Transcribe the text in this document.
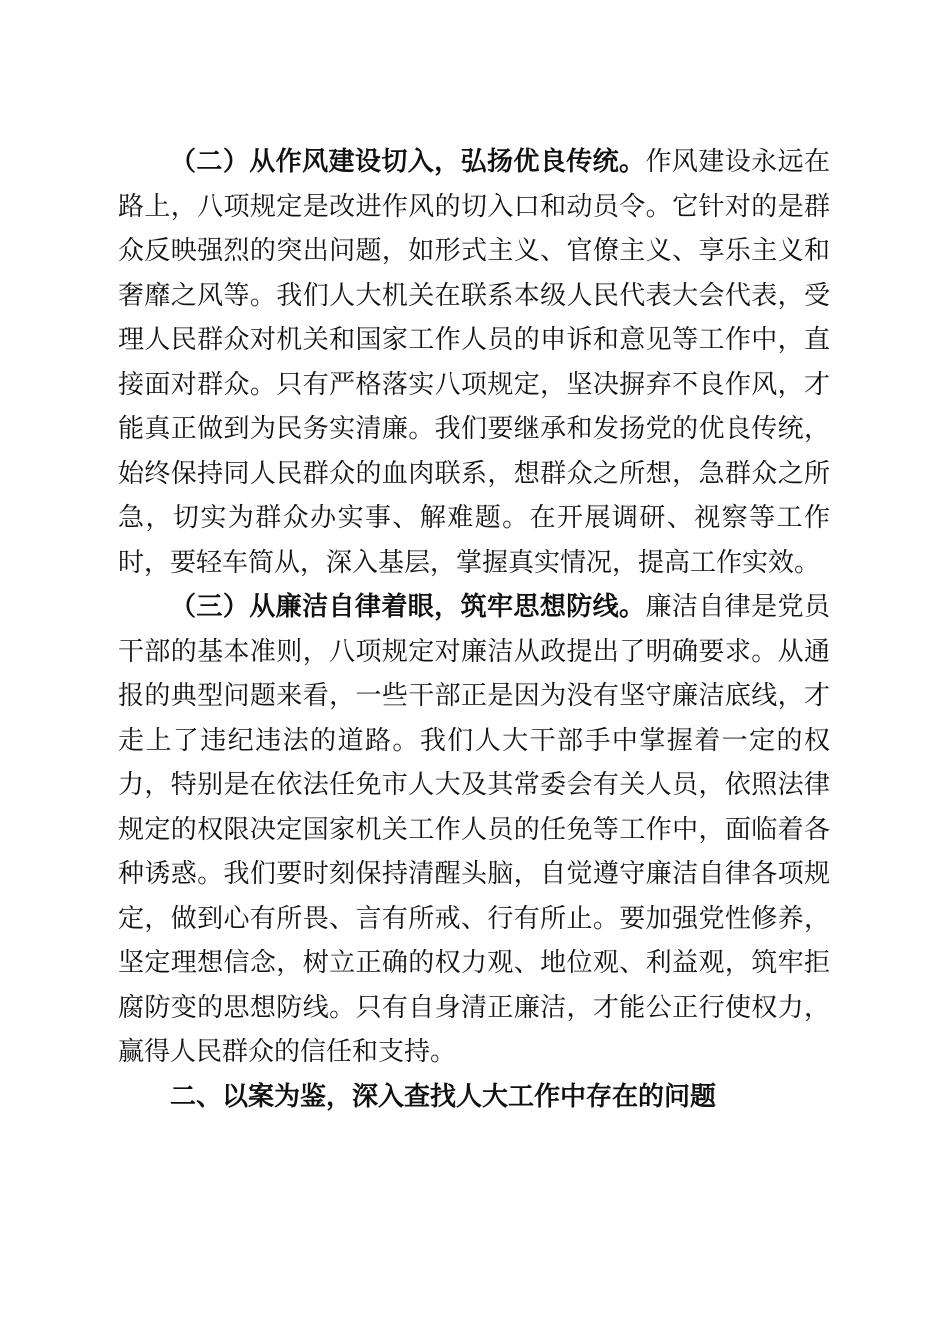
（二）从作风建设切入，弘扬优良传统。作风建设永远在路上，八项规定是改进作风的切入口和动员令。它针对的是群众反映强烈的突出问题，如形式主义、官僚主义、享乐主义和奢靡之风等。我们人大机关在联系本级人民代表大会代表，受理人民群众对机关和国家工作人员的申诉和意见等工作中，直接面对群众。只有严格落实八项规定，坚决摒弃不良作风，才能真正做到为民务实清廉。我们要继承和发扬党的优良传统，始终保持同人民群众的血肉联系，想群众之所想，急群众之所急，切实为群众办实事、解难题。在开展调研、视察等工作时，要轻车简从，深入基层，掌握真实情况，提高工作实效。

（三）从廉洁自律着眼，筑牢思想防线。廉洁自律是党员干部的基本准则，八项规定对廉洁从政提出了明确要求。从通报的典型问题来看，一些干部正是因为没有坚守廉洁底线，才走上了违纪违法的道路。我们人大干部手中掌握着一定的权力，特别是在依法任免市人大及其常委会有关人员，依照法律规定的权限决定国家机关工作人员的任免等工作中，面临着各种诱惑。我们要时刻保持清醒头脑，自觉遵守廉洁自律各项规定，做到心有所畏、言有所戒、行有所止。要加强党性修养，坚定理想信念，树立正确的权力观、地位观、利益观，筑牢拒腐防变的思想防线。只有自身清正廉洁，才能公正行使权力，赢得人民群众的信任和支持。

二、以案为鉴，深入查找人大工作中存在的问题
